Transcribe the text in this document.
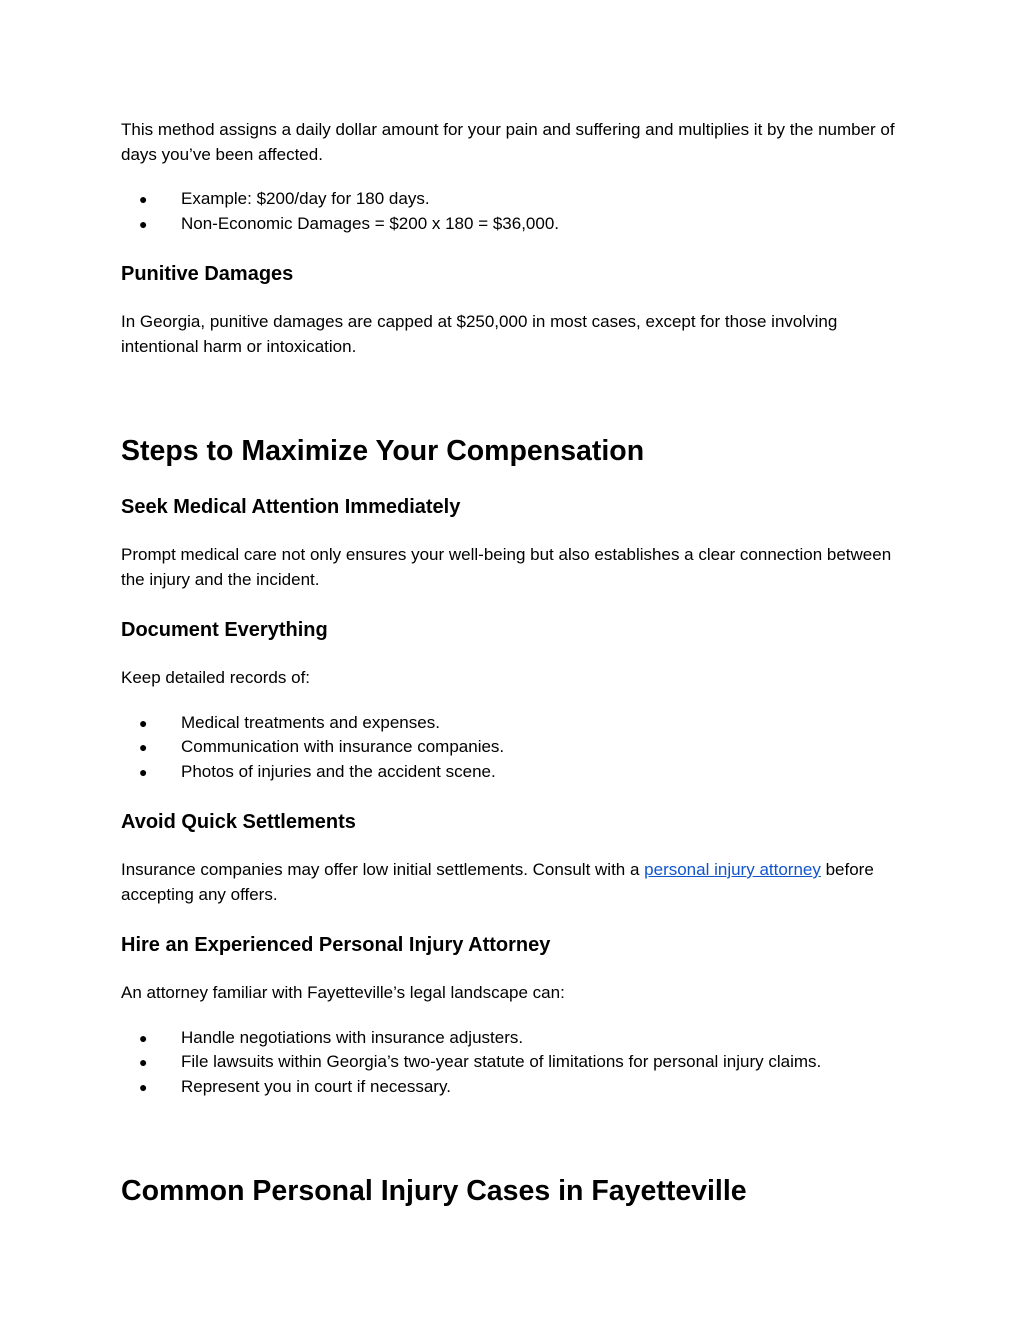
This method assigns a daily dollar amount for your pain and suffering and multiplies it by the number of days you’ve been affected.

● Example: $200/day for 180 days.
● Non-Economic Damages = $200 x 180 = $36,000.
Punitive Damages

In Georgia, punitive damages are capped at $250,000 in most cases, except for those involving intentional harm or intoxication.

Steps to Maximize Your Compensation
Seek Medical Attention Immediately

Prompt medical care not only ensures your well-being but also establishes a clear connection between the injury and the incident.

Document Everything

Keep detailed records of:

● Medical treatments and expenses.
● Communication with insurance companies.
● Photos of injuries and the accident scene.
Avoid Quick Settlements

Insurance companies may offer low initial settlements. Consult with a personal injury attorney before accepting any offers.

Hire an Experienced Personal Injury Attorney

An attorney familiar with Fayetteville’s legal landscape can:

● Handle negotiations with insurance adjusters.
● File lawsuits within Georgia’s two-year statute of limitations for personal injury claims.
● Represent you in court if necessary.
Common Personal Injury Cases in Fayetteville
